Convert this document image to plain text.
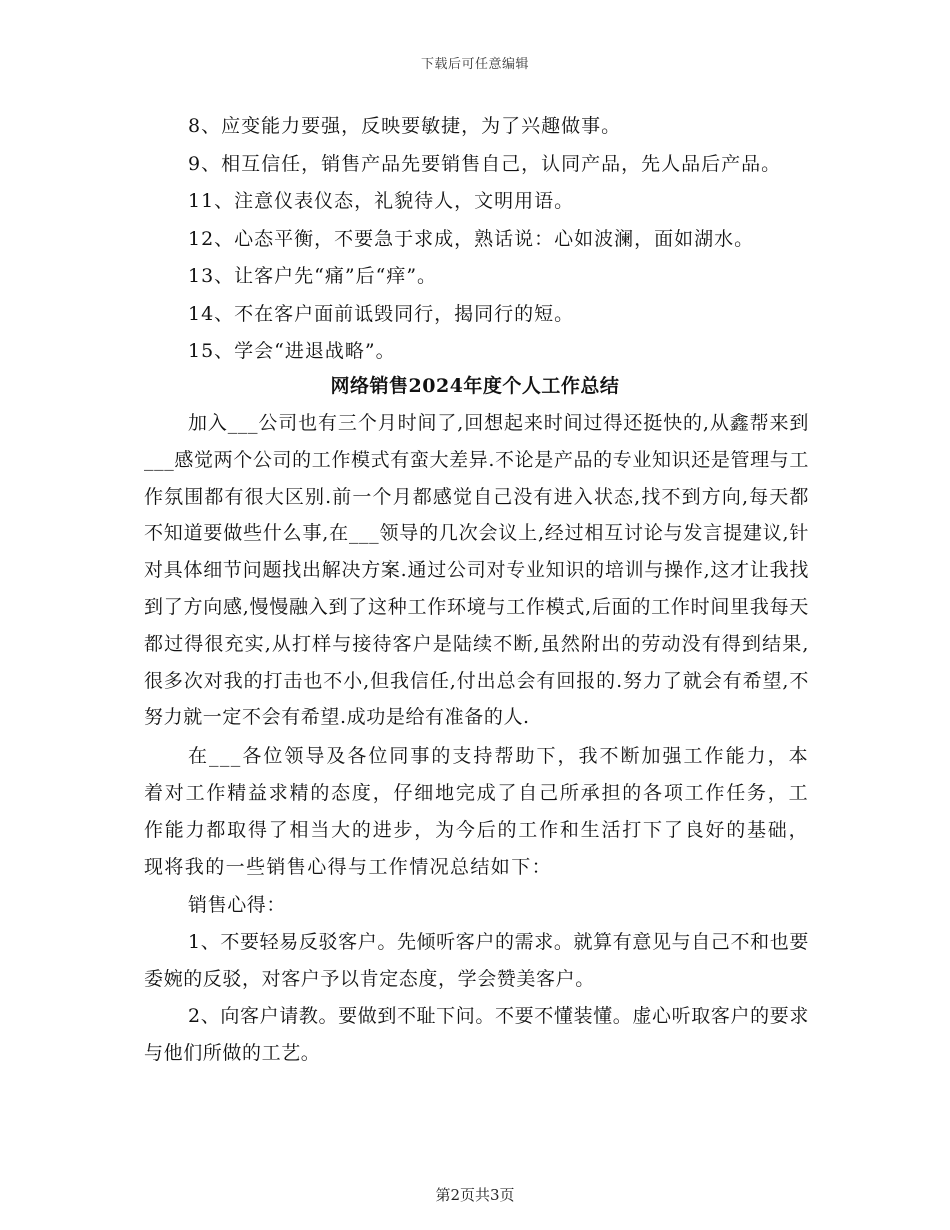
下载后可任意编辑
8、应变能力要强，反映要敏捷，为了兴趣做事。
9、相互信任，销售产品先要销售自己，认同产品，先人品后产品。
11、注意仪表仪态，礼貌待人，文明用语。
12、心态平衡，不要急于求成，熟话说：心如波澜，面如湖水。
13、让客户先“痛”后“痒”。
14、不在客户面前诋毁同行，揭同行的短。
15、学会“进退战略”。
网络销售2024年度个人工作总结

加入___公司也有三个月时间了,回想起来时间过得还挺快的,从鑫帮来到___感觉两个公司的工作模式有蛮大差异.不论是产品的专业知识还是管理与工作氛围都有很大区别.前一个月都感觉自己没有进入状态,找不到方向,每天都不知道要做些什么事,在___领导的几次会议上,经过相互讨论与发言提建议,针对具体细节问题找出解决方案.通过公司对专业知识的培训与操作,这才让我找到了方向感,慢慢融入到了这种工作环境与工作模式,后面的工作时间里我每天都过得很充实,从打样与接待客户是陆续不断,虽然附出的劳动没有得到结果,很多次对我的打击也不小,但我信任,付出总会有回报的.努力了就会有希望,不努力就一定不会有希望.成功是给有准备的人.

在___各位领导及各位同事的支持帮助下，我不断加强工作能力，本着对工作精益求精的态度，仔细地完成了自己所承担的各项工作任务，工作能力都取得了相当大的进步，为今后的工作和生活打下了良好的基础，现将我的一些销售心得与工作情况总结如下：

销售心得：

1、不要轻易反驳客户。先倾听客户的需求。就算有意见与自己不和也要委婉的反驳，对客户予以肯定态度，学会赞美客户。

2、向客户请教。要做到不耻下问。不要不懂装懂。虚心听取客户的要求与他们所做的工艺。

第2页共3页
